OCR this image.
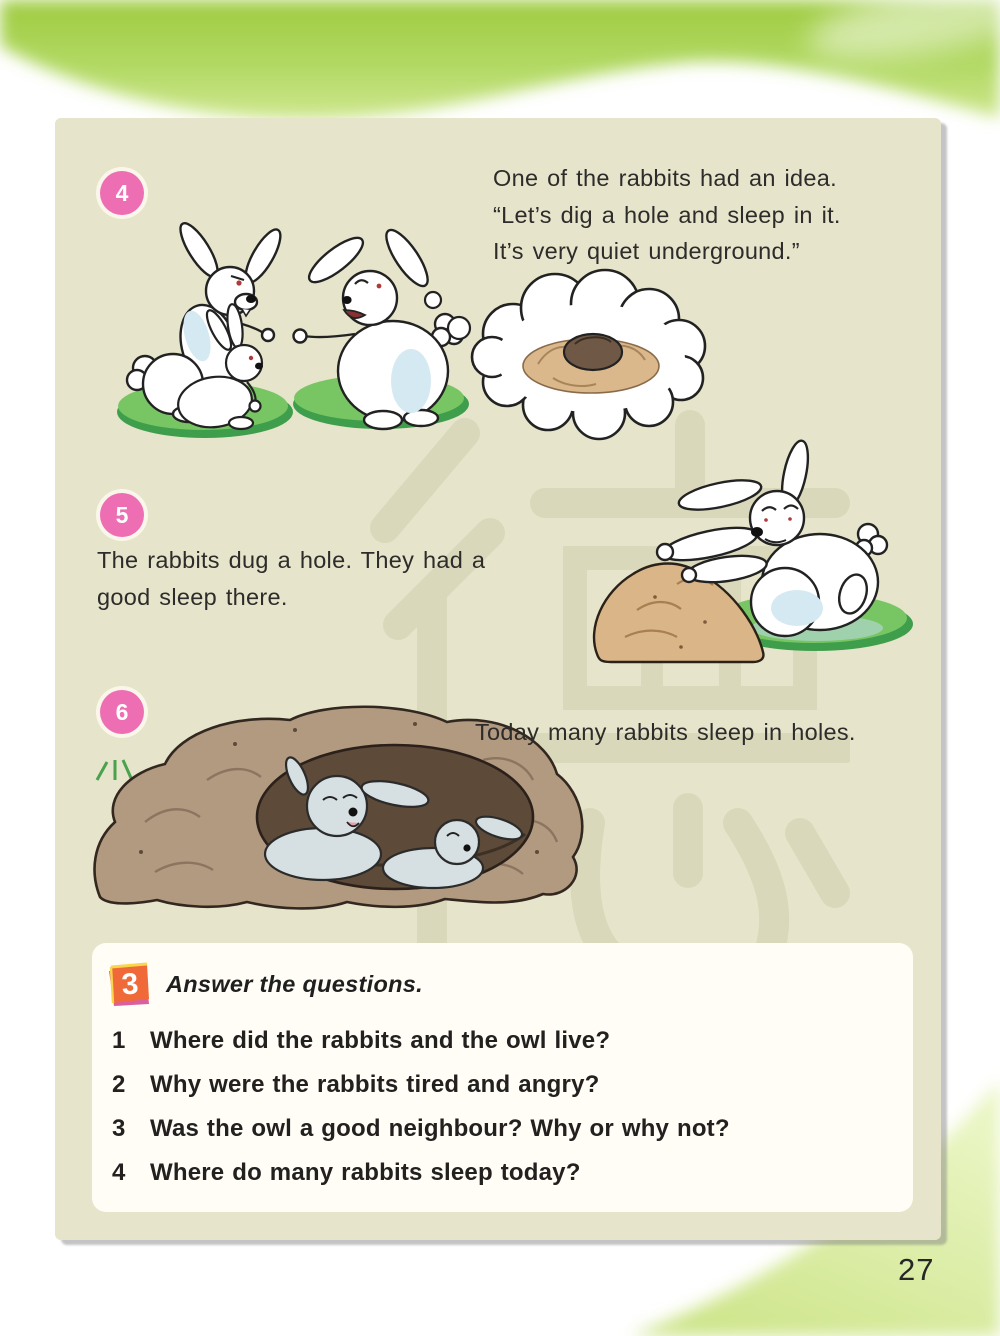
27
4
One of the rabbits had an idea.
“Let’s dig a hole and sleep in it.
It’s very quiet underground.”
5
The rabbits dug a hole. They had a
good sleep there.
6
Today many rabbits sleep in holes.
3 Answer the questions.
1 Where did the rabbits and the owl live?
2 Why were the rabbits tired and angry?
3 Was the owl a good neighbour? Why or why not?
4 Where do many rabbits sleep today?
